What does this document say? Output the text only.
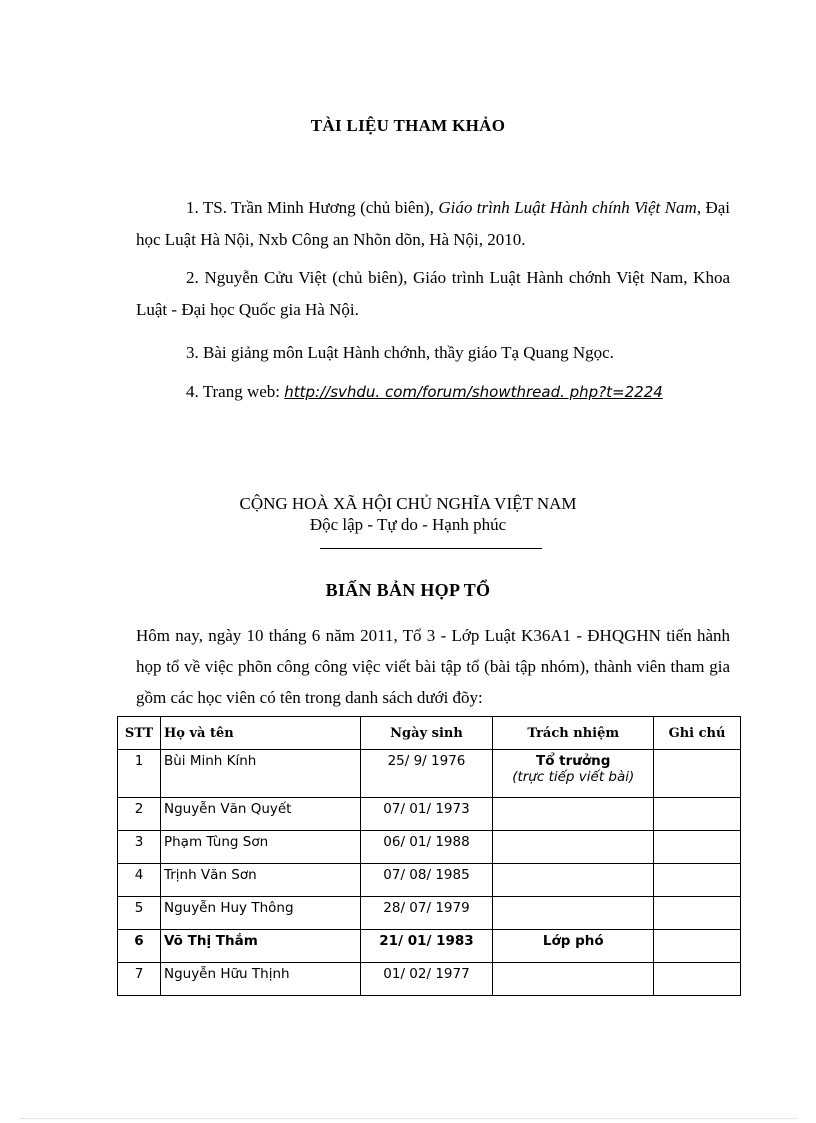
TÀI LIỆU THAM KHẢO
1. TS. Trần Minh Hương (chủ biên), Giáo trình Luật Hành chính Việt Nam, Đại học Luật Hà Nội, Nxb Công an Nhõn dõn, Hà Nội, 2010.
2. Nguyễn Cửu Việt (chủ biên), Giáo trình Luật Hành chớnh Việt Nam, Khoa Luật - Đại học Quốc gia Hà Nội.
3. Bài giảng môn Luật Hành chớnh, thầy giáo Tạ Quang Ngọc.
4. Trang web: http://svhdu. com/forum/showthread. php?t=2224
CỘNG HOÀ XÃ HỘI CHỦ NGHĨA VIỆT NAM
Độc lập - Tự do - Hạnh phúc
BIẤN BẢN HỌP TỔ
Hôm nay, ngày 10 tháng 6 năm 2011, Tổ 3 - Lớp Luật K36A1 - ĐHQGHN tiến hành họp tổ về việc phõn công công việc viết bài tập tổ (bài tập nhóm), thành viên tham gia gồm các học viên có tên trong danh sách dưới đõy:
STT	Họ và tên	Ngày sinh	Trách nhiệm	Ghi chú
1	Bùi Minh Kính	25/ 9/ 1976	Tổ trưởng
(trực tiếp viết bài)	

2	Nguyễn Văn Quyết	07/ 01/ 1973		
3	Phạm Tùng Sơn	06/ 01/ 1988		
4	Trịnh Văn Sơn	07/ 08/ 1985		
5	Nguyễn Huy Thông	28/ 07/ 1979		
6	Võ Thị Thắm	21/ 01/ 1983	Lớp phó	
7	Nguyễn Hữu Thịnh	01/ 02/ 1977		
